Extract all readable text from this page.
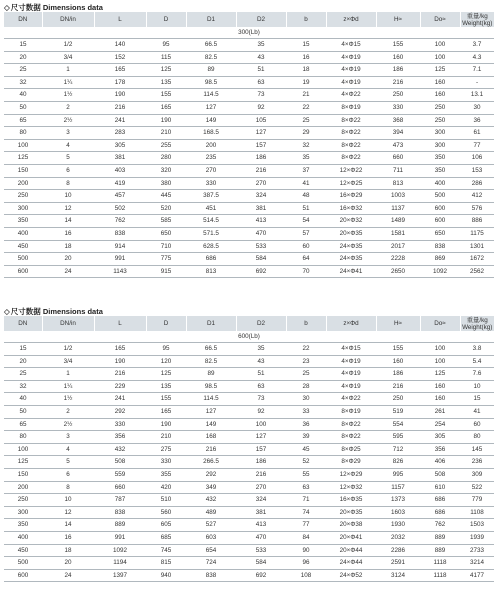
◇尺寸数据 Dimensions data
DN	DN/in	L	D	D1	D2	b	z×Φd	H≈	Do≈	重量/kg
Weight(kg)
300(Lb)										
15	1/2	140	95	66.5	35	15	4×Φ15	155	100	3.7
20	3/4	152	115	82.5	43	16	4×Φ19	160	100	4.3
25	1	165	125	89	51	18	4×Φ19	186	125	7.1
32	1¼	178	135	98.5	63	19	4×Φ19	216	160	-
40	1½	190	155	114.5	73	21	4×Φ22	250	160	13.1
50	2	216	165	127	92	22	8×Φ19	330	250	30
65	2½	241	190	149	105	25	8×Φ22	368	250	36
80	3	283	210	168.5	127	29	8×Φ22	394	300	61
100	4	305	255	200	157	32	8×Φ22	473	300	77
125	5	381	280	235	186	35	8×Φ22	660	350	106
150	6	403	320	270	216	37	12×Φ22	711	350	153
200	8	419	380	330	270	41	12×Φ25	813	400	286
250	10	457	445	387.5	324	48	16×Φ29	1003	500	412
300	12	502	520	451	381	51	16×Φ32	1137	600	576
350	14	762	585	514.5	413	54	20×Φ32	1489	600	886
400	16	838	650	571.5	470	57	20×Φ35	1581	650	1175
450	18	914	710	628.5	533	60	24×Φ35	2017	838	1301
500	20	991	775	686	584	64	24×Φ35	2228	869	1672
600	24	1143	915	813	692	70	24×Φ41	2650	1092	2562
◇尺寸数据 Dimensions data
DN	DN/in	L	D	D1	D2	b	z×Φd	H≈	Do≈	重量/kg
Weight(kg)
600(Lb)										
15	1/2	165	95	66.5	35	22	4×Φ15	155	100	3.8
20	3/4	190	120	82.5	43	23	4×Φ19	160	100	5.4
25	1	216	125	89	51	25	4×Φ19	186	125	7.6
32	1¼	229	135	98.5	63	28	4×Φ19	216	160	10
40	1½	241	155	114.5	73	30	4×Φ22	250	160	15
50	2	292	165	127	92	33	8×Φ19	519	261	41
65	2½	330	190	149	100	36	8×Φ22	554	254	60
80	3	356	210	168	127	39	8×Φ22	595	305	80
100	4	432	275	216	157	45	8×Φ25	712	356	145
125	5	508	330	266.5	186	52	8×Φ29	826	406	236
150	6	559	355	292	216	55	12×Φ29	995	508	309
200	8	660	420	349	270	63	12×Φ32	1157	610	522
250	10	787	510	432	324	71	16×Φ35	1373	686	779
300	12	838	560	489	381	74	20×Φ35	1603	686	1108
350	14	889	605	527	413	77	20×Φ38	1930	762	1503
400	16	991	685	603	470	84	20×Φ41	2032	889	1939
450	18	1092	745	654	533	90	20×Φ44	2286	889	2733
500	20	1194	815	724	584	96	24×Φ44	2591	1118	3214
600	24	1397	940	838	692	108	24×Φ52	3124	1118	4177
